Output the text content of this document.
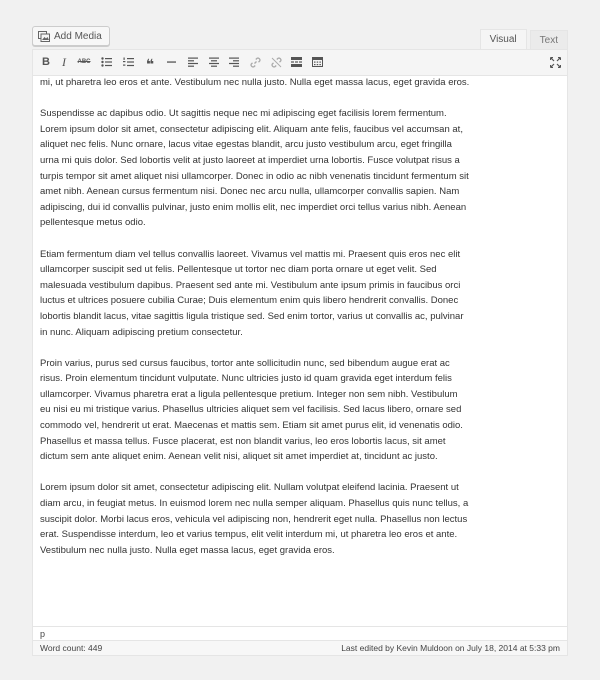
Add Media	Visual	Text
B I ABC	❝

mi, ut pharetra leo eros et ante. Vestibulum nec nulla justo. Nulla eget massa lacus, eget gravida eros.

Suspendisse ac dapibus odio. Ut sagittis neque nec mi adipiscing eget facilisis lorem fermentum. Lorem ipsum dolor sit amet, consectetur adipiscing elit. Aliquam ante felis, faucibus vel accumsan at, aliquet nec felis. Nunc ornare, lacus vitae egestas blandit, arcu justo vestibulum arcu, eget fringilla urna mi quis dolor. Sed lobortis velit at justo laoreet at imperdiet urna lobortis. Fusce volutpat risus a turpis tempor sit amet aliquet nisi ullamcorper. Donec in odio ac nibh venenatis tincidunt fermentum sit amet nibh. Aenean cursus fermentum nisi. Donec nec arcu nulla, ullamcorper convallis sapien. Nam adipiscing, dui id convallis pulvinar, justo enim mollis elit, nec imperdiet orci tellus varius nibh. Aenean pellentesque metus odio.

Etiam fermentum diam vel tellus convallis laoreet. Vivamus vel mattis mi. Praesent quis eros nec elit ullamcorper suscipit sed ut felis. Pellentesque ut tortor nec diam porta ornare ut eget velit. Sed malesuada vestibulum dapibus. Praesent sed ante mi. Vestibulum ante ipsum primis in faucibus orci luctus et ultrices posuere cubilia Curae; Duis elementum enim quis libero hendrerit convallis. Donec lobortis blandit lacus, vitae sagittis ligula tristique sed. Sed enim tortor, varius ut convallis ac, pulvinar in nunc. Aliquam adipiscing pretium consectetur.

Proin varius, purus sed cursus faucibus, tortor ante sollicitudin nunc, sed bibendum augue erat ac risus. Proin elementum tincidunt vulputate. Nunc ultricies justo id quam gravida eget interdum felis ullamcorper. Vivamus pharetra erat a ligula pellentesque pretium. Integer non sem nibh. Vestibulum eu nisi eu mi tristique varius. Phasellus ultricies aliquet sem vel facilisis. Sed lacus libero, ornare sed commodo vel, hendrerit ut erat. Maecenas et mattis sem. Etiam sit amet purus elit, id venenatis odio. Phasellus et massa tellus. Fusce placerat, est non blandit varius, leo eros lobortis lacus, sit amet dictum sem ante aliquet enim. Aenean velit nisi, aliquet sit amet imperdiet at, tincidunt ac justo.

Lorem ipsum dolor sit amet, consectetur adipiscing elit. Nullam volutpat eleifend lacinia. Praesent ut diam arcu, in feugiat metus. In euismod lorem nec nulla semper aliquam. Phasellus quis nunc tellus, a suscipit dolor. Morbi lacus eros, vehicula vel adipiscing non, hendrerit eget nulla. Phasellus non lectus erat. Suspendisse interdum, leo et varius tempus, elit velit interdum mi, ut pharetra leo eros et ante. Vestibulum nec nulla justo. Nulla eget massa lacus, eget gravida eros.

p
Word count: 449	Last edited by Kevin Muldoon on July 18, 2014 at 5:33 pm
